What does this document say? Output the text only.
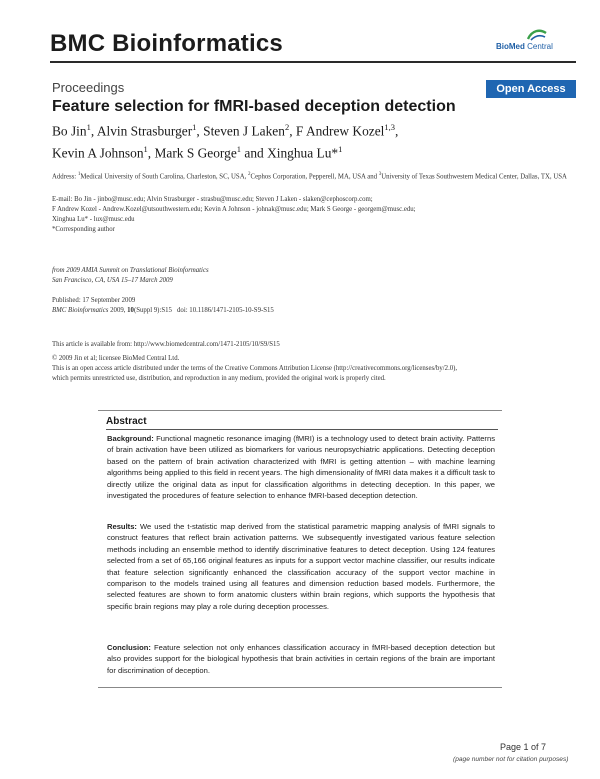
BMC Bioinformatics	BioMed Central
Proceedings	Open Access
Feature selection for fMRI-based deception detection
Bo Jin$^1$, Alvin Strasburger$^1$, Steven J Laken$^2$, F Andrew Kozel$^{1,3}$,
Kevin A Johnson$^1$, Mark S George$^1$ and Xinghua Lu*$^1$
Address: $^1$Medical University of South Carolina, Charleston, SC, USA, $^2$Cephos Corporation, Pepperell, MA, USA and $^3$University of Texas Southwestern Medical Center, Dallas, TX, USA
E-mail: Bo Jin - jinbo@musc.edu; Alvin Strasburger - strasbu@musc.edu; Steven J Laken - slaken@cephoscorp.com;
F Andrew Kozel - Andrew.Kozel@utsouthwestern.edu; Kevin A Johnson - johnak@musc.edu; Mark S George - georgem@musc.edu;
Xinghua Lu* - lux@musc.edu
*Corresponding author
from 2009 AMIA Summit on Translational Bioinformatics
San Francisco, CA, USA 15–17 March 2009
Published: 17 September 2009
BMC Bioinformatics 2009, 10(Suppl 9):S15 doi: 10.1186/1471-2105-10-S9-S15
This article is available from: http://www.biomedcentral.com/1471-2105/10/S9/S15
© 2009 Jin et al; licensee BioMed Central Ltd.
This is an open access article distributed under the terms of the Creative Commons Attribution License (http://creativecommons.org/licenses/by/2.0),
which permits unrestricted use, distribution, and reproduction in any medium, provided the original work is properly cited.
Abstract
Background: Functional magnetic resonance imaging (fMRI) is a technology used to detect brain activity. Patterns of brain activation have been utilized as biomarkers for various neuropsychiatric applications. Detecting deception based on the pattern of brain activation characterized with fMRI is getting attention – with machine learning algorithms being applied to this field in recent years. The high dimensionality of fMRI data makes it a difficult task to directly utilize the original data as input for classification algorithms in detecting deception. In this paper, we investigated the procedures of feature selection to enhance fMRI-based deception detection.
Results: We used the t-statistic map derived from the statistical parametric mapping analysis of fMRI signals to construct features that reflect brain activation patterns. We subsequently investigated various feature selection methods including an ensemble method to identify discriminative features to detect deception. Using 124 features selected from a set of 65,166 original features as inputs for a support vector machine classifier, our results indicate that feature selection significantly enhanced the classification accuracy of the support vector machine in comparison to the models trained using all features and dimension reduction based models. Furthermore, the selected features are shown to form anatomic clusters within brain regions, which supports the hypothesis that specific brain regions may play a role during deception processes.
Conclusion: Feature selection not only enhances classification accuracy in fMRI-based deception detection but also provides support for the biological hypothesis that brain activities in certain regions of the brain are important for discrimination of deception.
Page 1 of 7
(page number not for citation purposes)
